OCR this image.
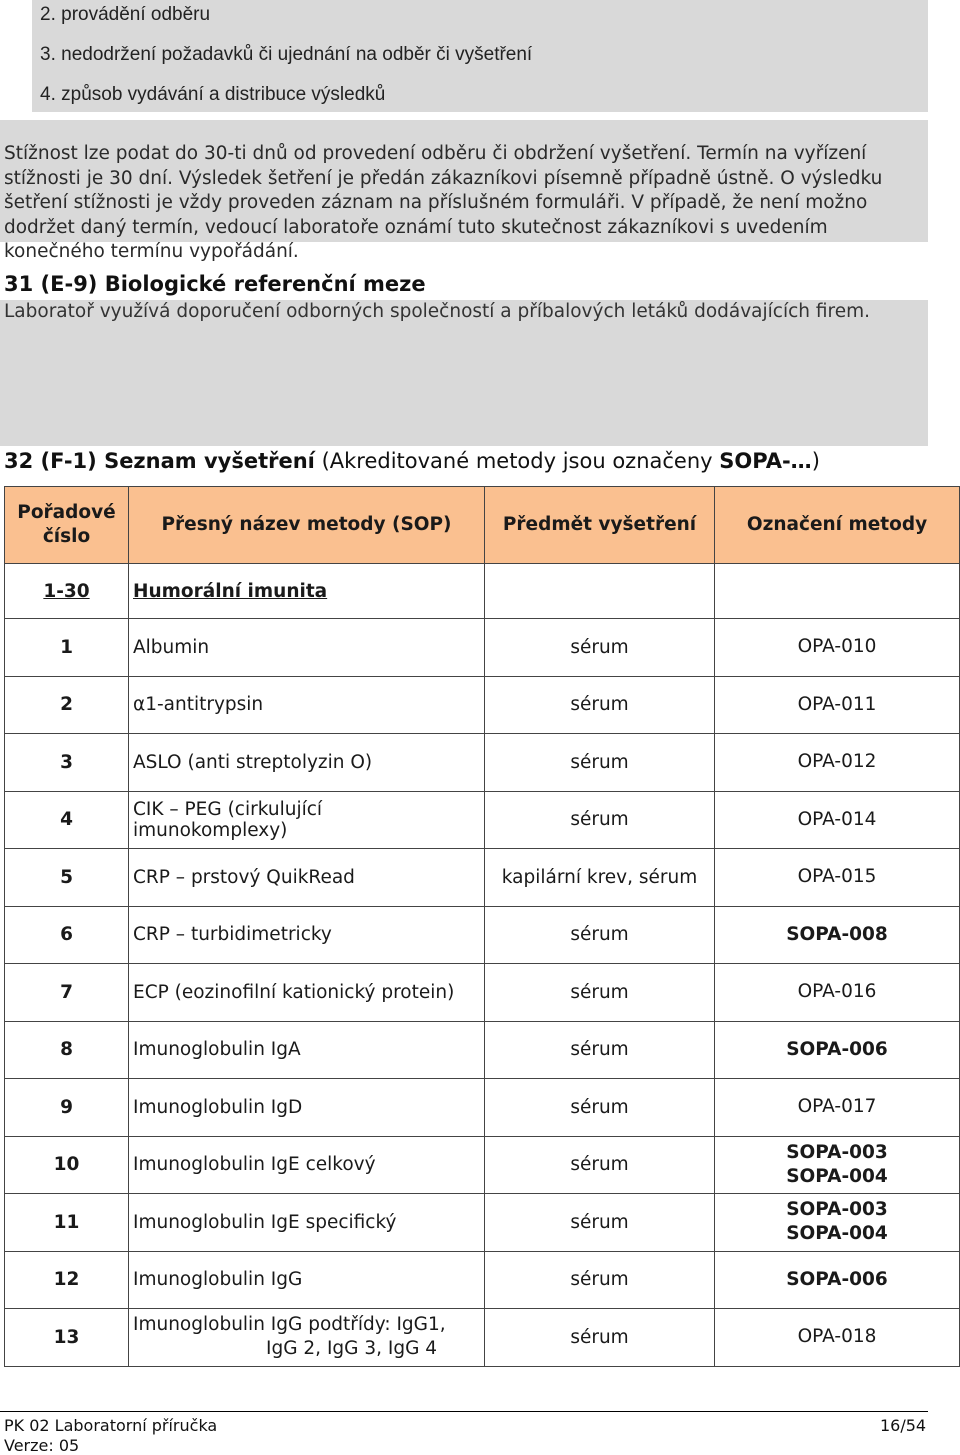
2. provádění odběru
3. nedodržení požadavků či ujednání na odběr či vyšetření
4. způsob vydávání a distribuce výsledků

Stížnost lze podat do 30-ti dnů od provedení odběru či obdržení vyšetření. Termín na vyřízení stížnosti je 30 dní. Výsledek šetření je předán zákazníkovi písemně případně ústně. O výsledku šetření stížnosti je vždy proveden záznam na příslušném formuláři. V případě, že není možno dodržet daný termín, vedoucí laboratoře oznámí tuto skutečnost zákazníkovi s uvedením konečného termínu vypořádání.

31 (E-9) Biologické referenční meze

Laboratoř využívá doporučení odborných společností a příbalových letáků dodávajících firem.

32 (F-1) Seznam vyšetření (Akreditované metody jsou označeny SOPA-…)
Pořadové číslo	Přesný název metody (SOP)	Předmět vyšetření	Označení metody
1-30	Humorální imunita		
1	Albumin	sérum	OPA-010

2	α1-antitrypsin	sérum	OPA-011

3	ASLO (anti streptolyzin O)	sérum	OPA-012

4	CIK – PEG (cirkulující imunokomplexy)	sérum	OPA-014

5	CRP – prstový QuikRead	kapilární krev, sérum	OPA-015

6	CRP – turbidimetricky	sérum	SOPA-008

7	ECP (eozinofilní kationický protein)	sérum	OPA-016

8	Imunoglobulin IgA	sérum	SOPA-006

9	Imunoglobulin IgD	sérum	OPA-017

10	Imunoglobulin IgE celkový	sérum	SOPA-003
SOPA-004

11	Imunoglobulin IgE specifický	sérum	SOPA-003
SOPA-004

12	Imunoglobulin IgG	sérum	SOPA-006

13	Imunoglobulin IgG podtřídy: IgG1,
IgG 2, IgG 3, IgG 4	sérum	OPA-018
PK 02 Laboratorní příručka
Verze: 05
16/54
